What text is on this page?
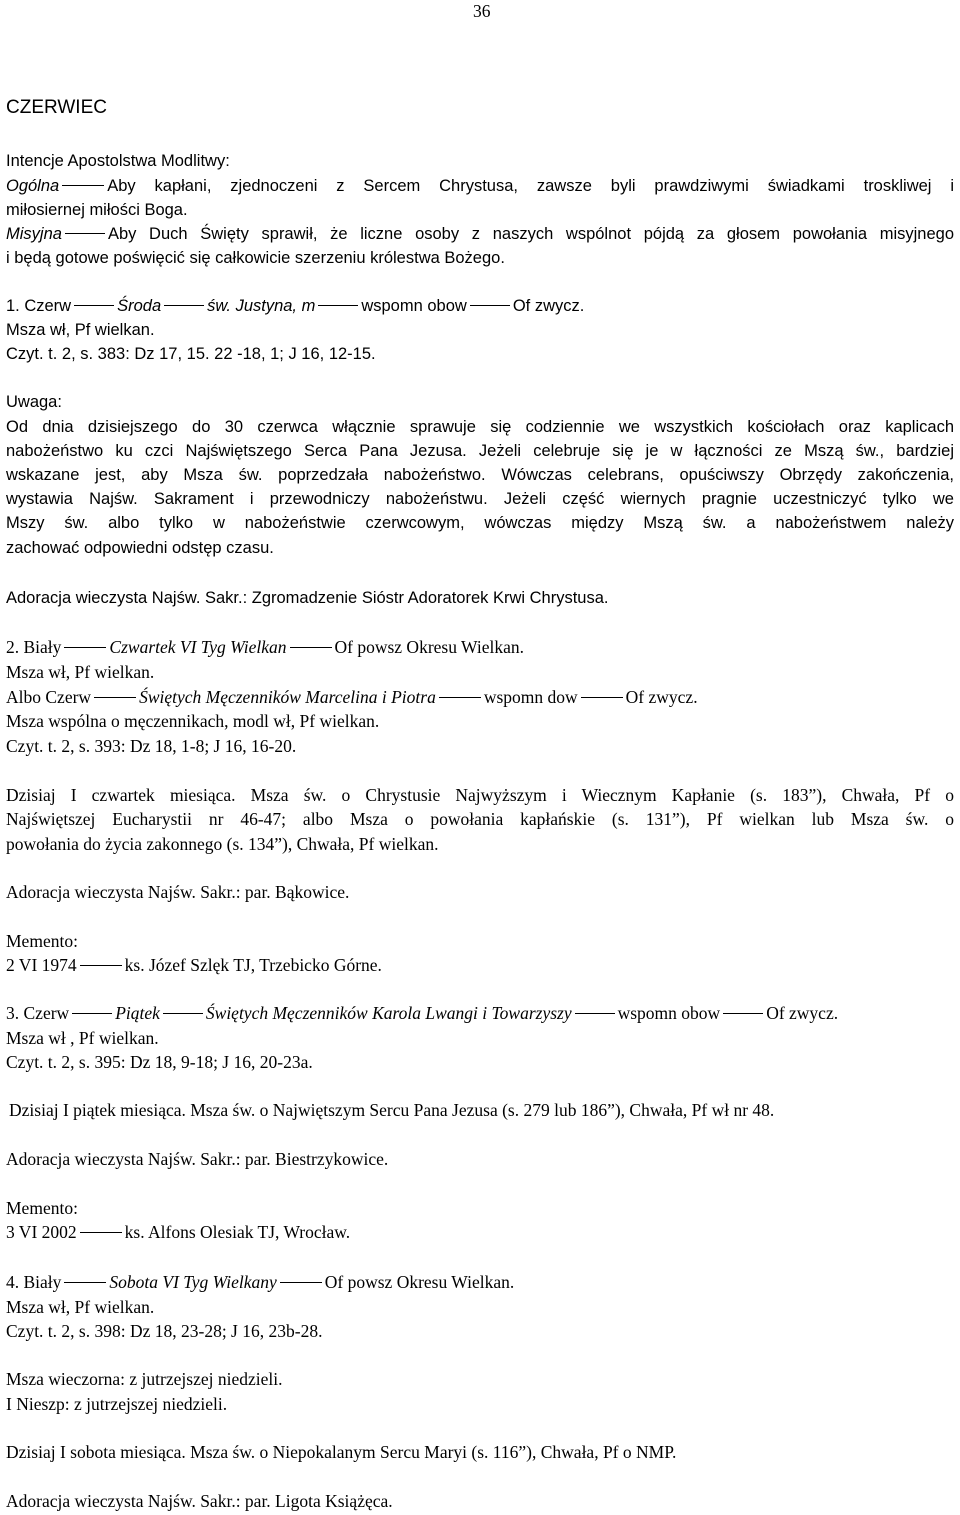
36
CZERWIEC
Intencje Apostolstwa Modlitwy:
Ogólna	Aby kapłani, zjednoczeni z Sercem Chrystusa, zawsze byli prawdziwymi świadkami troskliwej i
miłosiernej miłości Boga.
Misyjna	Aby Duch Święty sprawił, że liczne osoby z naszych wspólnot pójdą za głosem powołania misyjnego
i będą gotowe poświęcić się całkowicie szerzeniu królestwa Bożego.
1. Czerw	Środa	św. Justyna, m	wspomn obow	Of zwycz.
Msza wł, Pf wielkan.
Czyt. t. 2, s. 383: Dz 17, 15. 22 -18, 1; J 16, 12-15.
Uwaga:
Od dnia dzisiejszego do 30 czerwca włącznie sprawuje się codziennie we wszystkich kościołach oraz kaplicach
nabożeństwo ku czci Najświętszego Serca Pana Jezusa. Jeżeli celebruje się je w łączności ze Mszą św., bardziej
wskazane jest, aby Msza św. poprzedzała nabożeństwo. Wówczas celebrans, opuściwszy Obrzędy zakończenia,
wystawia Najśw. Sakrament i przewodniczy nabożeństwu. Jeżeli część wiernych pragnie uczestniczyć tylko we
Mszy św. albo tylko w nabożeństwie czerwcowym, wówczas między Mszą św. a nabożeństwem należy
zachować odpowiedni odstęp czasu.
Adoracja wieczysta Najśw. Sakr.: Zgromadzenie Sióstr Adoratorek Krwi Chrystusa.
2. Biały	Czwartek VI Tyg Wielkan	Of powsz Okresu Wielkan.
Msza wł, Pf wielkan.
Albo Czerw	Świętych Męczenników Marcelina i Piotra	wspomn dow	Of zwycz.
Msza wspólna o męczennikach, modl wł, Pf wielkan.
Czyt. t. 2, s. 393: Dz 18, 1-8; J 16, 16-20.
Dzisiaj I czwartek miesiąca. Msza św. o Chrystusie Najwyższym i Wiecznym Kapłanie (s. 183”), Chwała, Pf o
Najświętszej Eucharystii nr 46-47; albo Msza o powołania kapłańskie (s. 131”), Pf wielkan lub Msza św. o
powołania do życia zakonnego (s. 134”), Chwała, Pf wielkan.
Adoracja wieczysta Najśw. Sakr.: par. Bąkowice.
Memento:
2 VI 1974	ks. Józef Szlęk TJ, Trzebicko Górne.
3. Czerw	Piątek	Świętych Męczenników Karola Lwangi i Towarzyszy	wspomn obow	Of zwycz.
Msza wł , Pf wielkan.
Czyt. t. 2, s. 395: Dz 18, 9-18; J 16, 20-23a.
Dzisiaj I piątek miesiąca. Msza św. o Najwiętszym Sercu Pana Jezusa (s. 279 lub 186”), Chwała, Pf wł nr 48.
Adoracja wieczysta Najśw. Sakr.: par. Biestrzykowice.
Memento:
3 VI 2002	ks. Alfons Olesiak TJ, Wrocław.
4. Biały	Sobota VI Tyg Wielkany	Of powsz Okresu Wielkan.
Msza wł, Pf wielkan.
Czyt. t. 2, s. 398: Dz 18, 23-28; J 16, 23b-28.
Msza wieczorna: z jutrzejszej niedzieli.
I Nieszp: z jutrzejszej niedzieli.
Dzisiaj I sobota miesiąca. Msza św. o Niepokalanym Sercu Maryi (s. 116”), Chwała, Pf o NMP.
Adoracja wieczysta Najśw. Sakr.: par. Ligota Książęca.
